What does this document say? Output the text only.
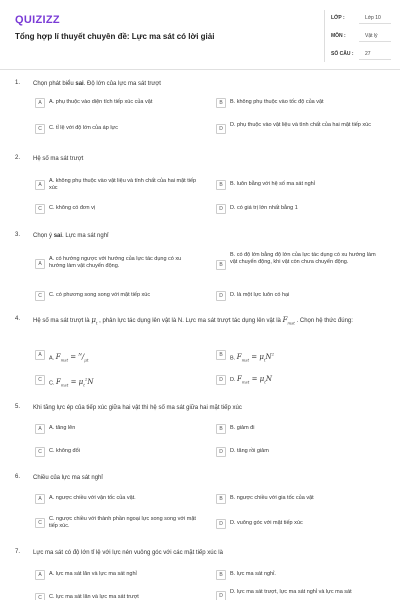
QUIZIZZ
Tổng hợp lí thuyết chuyên đề: Lực ma sát có lời giải
LỚP :	Lớp 10
MÔN :	Vật lý
SỐ CÂU : 27
1. Chọn phát biểu sai. Độ lớn của lực ma sát trượt
A	A. phụ thuộc vào diện tích tiếp xúc của vật	B	B. không phụ thuộc vào tốc độ của vật
C	C. tỉ lệ với độ lớn của áp lực	D
D. phụ thuộc vào vật liệu và tình chất của hai mặt tiếp xúc
2. Hệ số ma sát trượt
A
A. không phụ thuộc vào vật liệu và tính chất của hai mặt tiếp xúc	B	B. luôn bằng với hệ số ma sát nghỉ
C	C. không có đơn vị	D	D. có giá trị lớn nhất bằng 1
3. Chọn ý sai. Lực ma sát nghỉ
A
A. có hướng ngược với hướng của lực tác dụng có xu hướng làm vật chuyển động.	B
B. có độ lớn bằng độ lớn của lực tác dụng có xu hướng làm vật chuyển động, khi vật còn chưa chuyển động.
C	C. có phương song song với mặt tiếp xúc	D	D. là một lực luôn có hại
4. Hệ số ma sát trượt là $\mu_t$ , phản lực tác dụng lên vật là N. Lực ma sát trượt tác dụng lên vật là $F_{mst}$ . Chọn hệ thức đúng:
A
A. $F_{mst} = ^N/_{\mu t}$
B
B. $F_{mst} = \mu_tN^2$
C
C. $F_{mst} = \mu_t^2N$	D	D. $F_{mst} = \mu_tN$
5. Khi tăng lực ép của tiếp xúc giữa hai vật thì hệ số ma sát giữa hai mặt tiếp xúc
A	A. tăng lên	B	B. giảm đi
C	C. không đổi	D	D. tăng rồi giảm
6. Chiều của lực ma sát nghỉ
A	A. ngược chiều với vận tốc của vật.	B	B. ngược chiều với gia tốc của vật
C
C. ngược chiều với thành phần ngoại lực song song với mặt tiếp xúc.	D	D. vuông góc với mặt tiếp xúc
7. Lực ma sát có độ lớn tỉ lệ với lực nén vuông góc với các mặt tiếp xúc là
A	A. lực ma sát lăn và lực ma sát nghỉ	B	B. lực ma sát nghỉ.
C	C. lực ma sát lăn và lực ma sát trượt	D
D. lực ma sát trượt, lực ma sát nghỉ và lực ma sát
